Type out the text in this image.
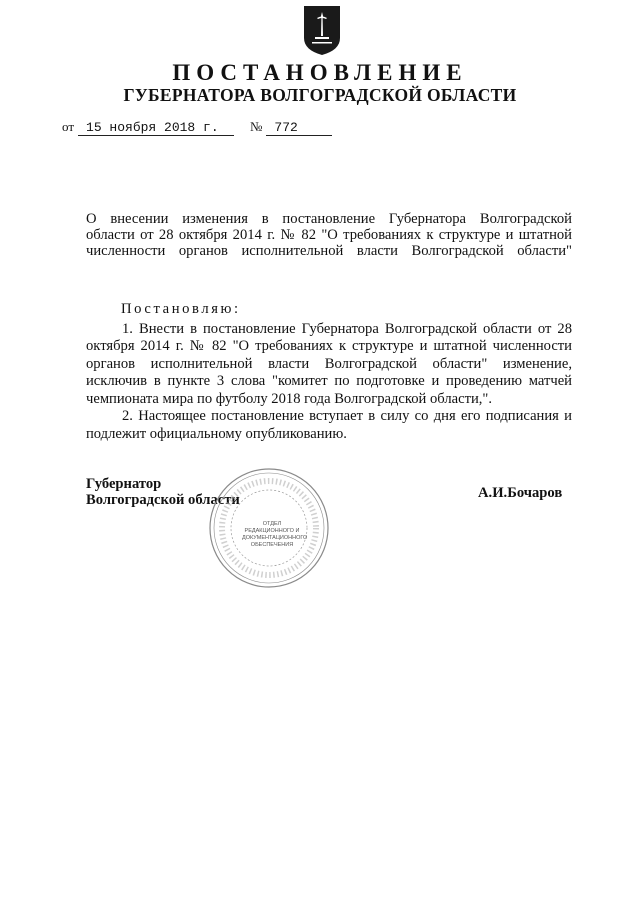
ПОСТАНОВЛЕНИЕ
ГУБЕРНАТОРА ВОЛГОГРАДСКОЙ ОБЛАСТИ
от 15 ноября 2018 г. № 772
О внесении изменения в постановление Губернатора Волгоградской
области от 28 октября 2014 г. № 82 "О требованиях к структуре и штатной
численности органов исполнительной власти Волгоградской области"

Постановляю:

1. Внести в постановление Губернатора Волгоградской области от 28 октября 2014 г. № 82 "О требованиях к структуре и штатной численности органов исполнительной власти Волгоградской области" изменение, исключив в пункте 3 слова "комитет по подготовке и проведению матчей чемпионата мира по футболу 2018 года Волгоградской области,".

2. Настоящее постановление вступает в силу со дня его подписания и подлежит официальному опубликованию.

Губернатор
Волгоградской области	А.И.Бочаров
ОТДЕЛ РЕДАКЦИОННОГО И ДОКУМЕНТАЦИОННОГО ОБЕСПЕЧЕНИЯ
